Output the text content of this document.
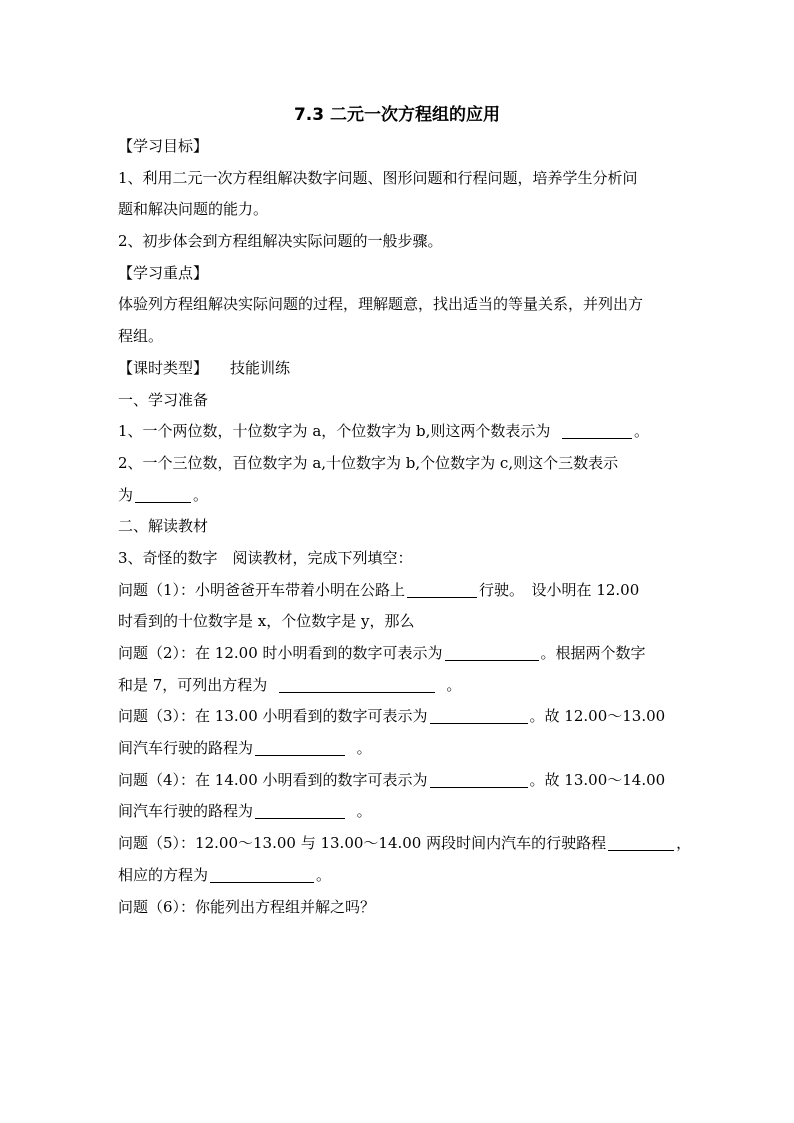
7.3 二元一次方程组的应用
【学习目标】
1、利用二元一次方程组解决数字问题、图形问题和行程问题，培养学生分析问
题和解决问题的能力。
2、初步体会到方程组解决实际问题的一般步骤。
【学习重点】
体验列方程组解决实际问题的过程，理解题意，找出适当的等量关系，并列出方
程组。
【课时类型】 技能训练
一、学习准备
1、一个两位数，十位数字为 a，个位数字为 b,则这两个数表示为	。
2、一个三位数，百位数字为 a,十位数字为 b,个位数字为 c,则这个三数表示
为	。
二、解读教材
3、奇怪的数字　阅读教材，完成下列填空：
问题（1）：小明爸爸开车带着小明在公路上	行驶。　设小明在 12.00
时看到的十位数字是 x，个位数字是 y，那么
问题（2）：在 12.00 时小明看到的数字可表示为	。根据两个数字
和是 7，可列出方程为	。
问题（3）：在 13.00 小明看到的数字可表示为	。故 12.00～13.00
间汽车行驶的路程为	。
问题（4）：在 14.00 小明看到的数字可表示为	。故 13.00～14.00
间汽车行驶的路程为	。
问题（5）：12.00～13.00 与 13.00～14.00 两段时间内汽车的行驶路程	，
相应的方程为	。
问题（6）：你能列出方程组并解之吗？
